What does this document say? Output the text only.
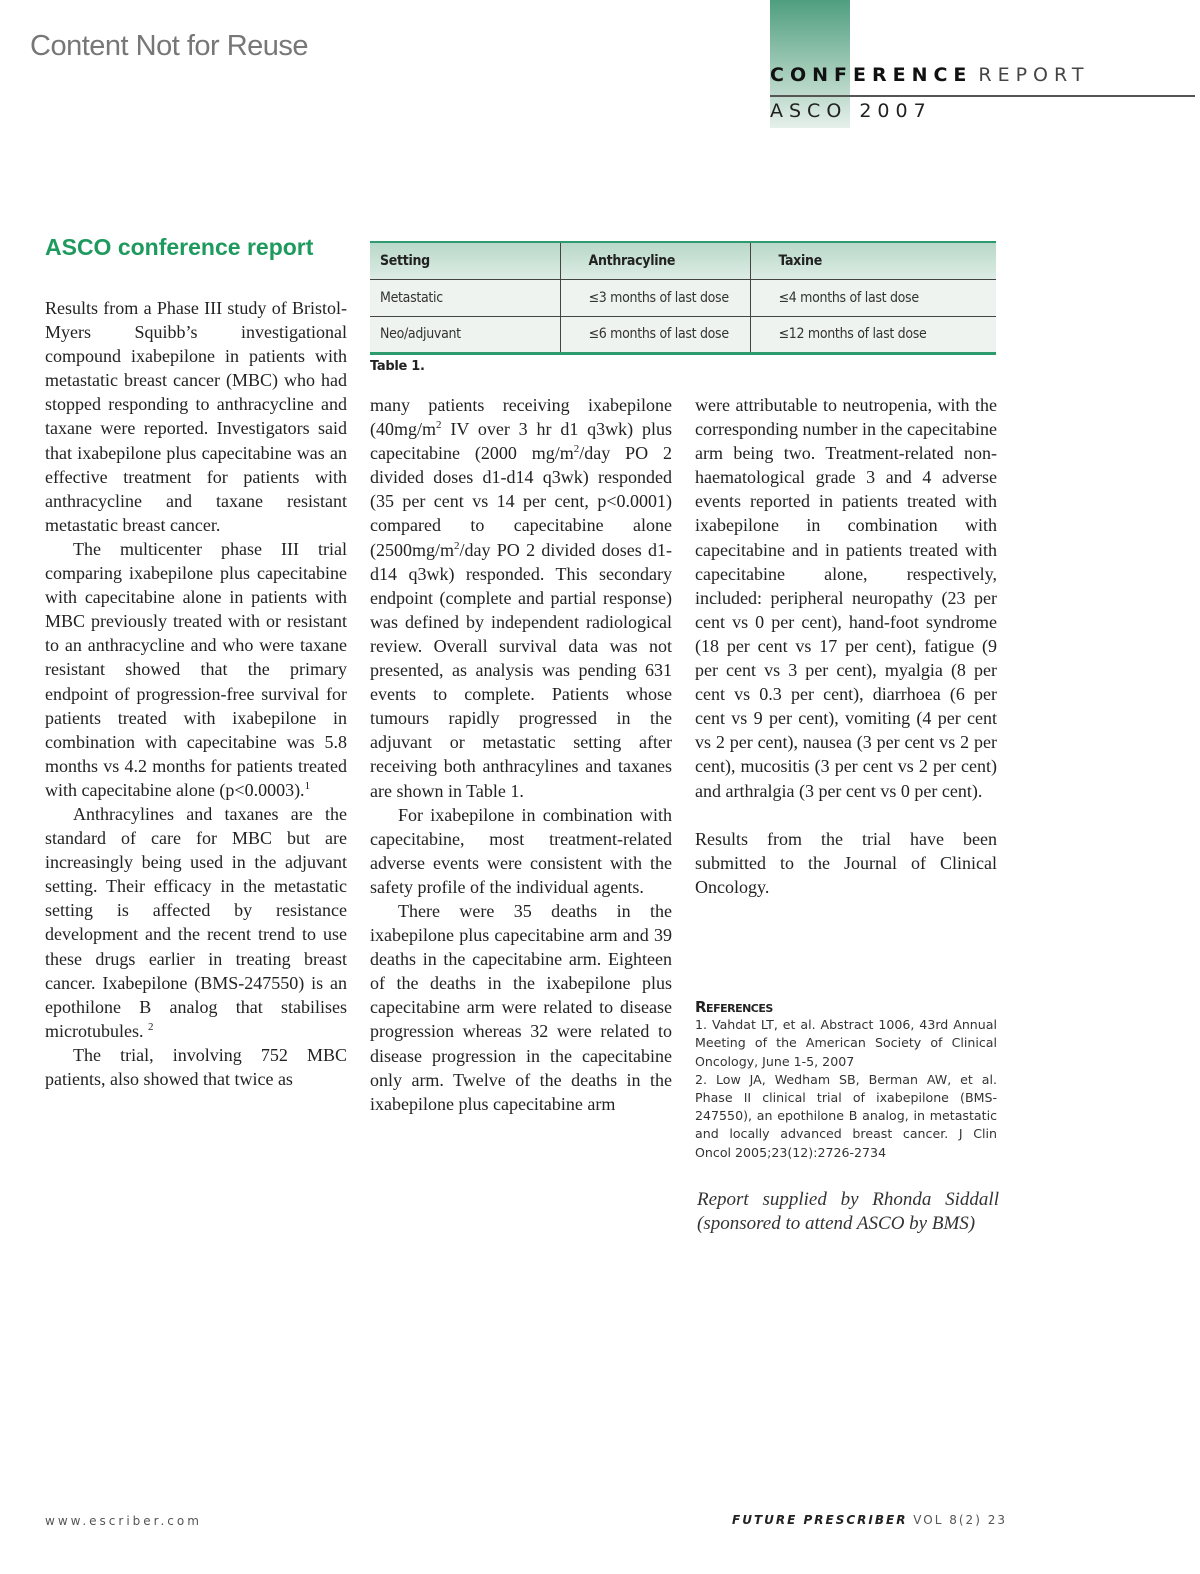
Content Not for Reuse
CONFERENCE REPORT
ASCO 2007
ASCO conference report

Results from a Phase III study of Bristol-Myers Squibb’s investigational compound ixabepilone in patients with metastatic breast cancer (MBC) who had stopped responding to anthracycline and taxane were reported. Investigators said that ixabepilone plus capecitabine was an effective treatment for patients with anthracycline and taxane resistant metastatic breast cancer.

The multicenter phase III trial comparing ixabepilone plus capecitabine with capecitabine alone in patients with MBC previously treated with or resistant to an anthracycline and who were taxane resistant showed that the primary endpoint of progression-free survival for patients treated with ixabepilone in combination with capecitabine was 5.8 months vs 4.2 months for patients treated with capecitabine alone (p<0.0003).$^1$

Anthracylines and taxanes are the standard of care for MBC but are increasingly being used in the adjuvant setting. Their efficacy in the metastatic setting is affected by resistance development and the recent trend to use these drugs earlier in treating breast cancer. Ixabepilone (BMS-247550) is an epothilone B analog that stabilises microtubules. $^2$

The trial, involving 752 MBC patients, also showed that twice as

Setting	Anthracyline	Taxine
Metastatic	≤3 months of last dose	≤4 months of last dose
Neo/adjuvant	≤6 months of last dose	≤12 months of last dose
Table 1.

many patients receiving ixabepilone ($40mg/m^2$ IV over 3 hr d1 q3wk) plus capecitabine (2000 $mg/m^2$/day PO 2 divided doses d1-d14 q3wk) responded (35 per cent vs 14 per cent, p<0.0001) compared to capecitabine alone ($2500mg/m^2$/day PO 2 divided doses d1-d14 q3wk) responded. This secondary endpoint (complete and partial response) was defined by independent radiological review. Overall survival data was not presented, as analysis was pending 631 events to complete. Patients whose tumours rapidly progressed in the adjuvant or metastatic setting after receiving both anthracylines and taxanes are shown in Table 1.

For ixabepilone in combination with capecitabine, most treatment-related adverse events were consistent with the safety profile of the individual agents.

There were 35 deaths in the ixabepilone plus capecitabine arm and 39 deaths in the capecitabine arm. Eighteen of the deaths in the ixabepilone plus capecitabine arm were related to disease progression whereas 32 were related to disease progression in the capecitabine only arm. Twelve of the deaths in the ixabepilone plus capecitabine arm

were attributable to neutropenia, with the corresponding number in the capecitabine arm being two. Treatment-related non-haematological grade 3 and 4 adverse events reported in patients treated with ixabepilone in combination with capecitabine and in patients treated with capecitabine alone, respectively, included: peripheral neuropathy (23 per cent vs 0 per cent), hand-foot syndrome (18 per cent vs 17 per cent), fatigue (9 per cent vs 3 per cent), myalgia (8 per cent vs 0.3 per cent), diarrhoea (6 per cent vs 9 per cent), vomiting (4 per cent vs 2 per cent), nausea (3 per cent vs 2 per cent), mucositis (3 per cent vs 2 per cent) and arthralgia (3 per cent vs 0 per cent).

Results from the trial have been submitted to the Journal of Clinical Oncology.

References
1. Vahdat LT, et al. Abstract 1006, 43rd Annual Meeting of the American Society of Clinical Oncology, June 1-5, 2007
2. Low JA, Wedham SB, Berman AW, et al. Phase II clinical trial of ixabepilone (BMS-247550), an epothilone B analog, in metastatic and locally advanced breast cancer. J Clin Oncol 2005;23(12):2726-2734
Report supplied by Rhonda Siddall (sponsored to attend ASCO by BMS)
www.escriber.com	FUTURE PRESCRIBER VOL 8(2) 23
